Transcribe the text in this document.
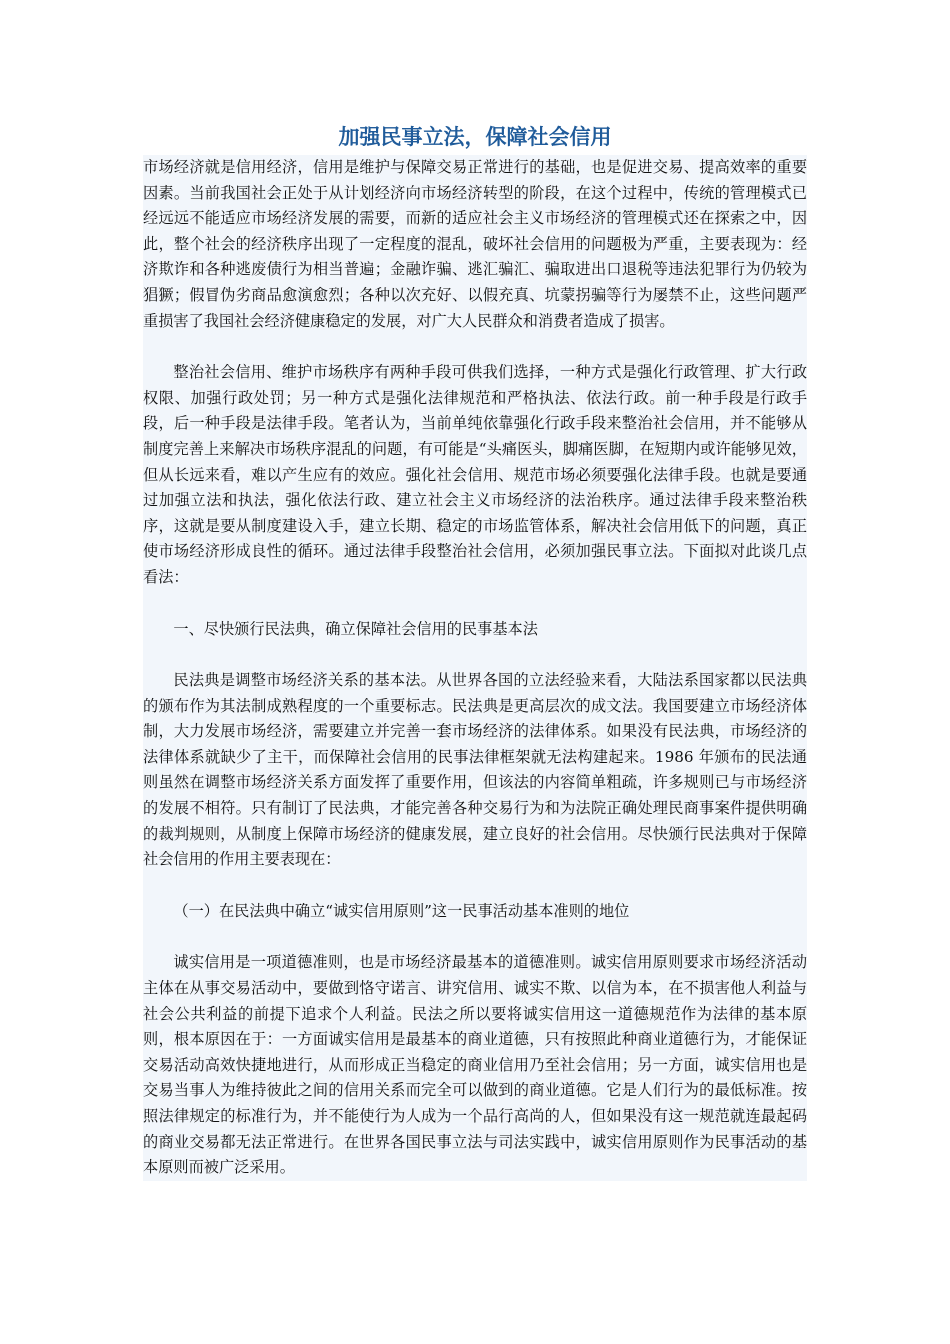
加强民事立法，保障社会信用

市场经济就是信用经济，信用是维护与保障交易正常进行的基础，也是促进交易、提高效率的重要因素。当前我国社会正处于从计划经济向市场经济转型的阶段，在这个过程中，传统的管理模式已经远远不能适应市场经济发展的需要，而新的适应社会主义市场经济的管理模式还在探索之中，因此，整个社会的经济秩序出现了一定程度的混乱，破坏社会信用的问题极为严重，主要表现为：经济欺诈和各种逃废债行为相当普遍；金融诈骗、逃汇骗汇、骗取进出口退税等违法犯罪行为仍较为猖獗；假冒伪劣商品愈演愈烈；各种以次充好、以假充真、坑蒙拐骗等行为屡禁不止，这些问题严重损害了我国社会经济健康稳定的发展，对广大人民群众和消费者造成了损害。

整治社会信用、维护市场秩序有两种手段可供我们选择，一种方式是强化行政管理、扩大行政权限、加强行政处罚；另一种方式是强化法律规范和严格执法、依法行政。前一种手段是行政手段，后一种手段是法律手段。笔者认为，当前单纯依靠强化行政手段来整治社会信用，并不能够从制度完善上来解决市场秩序混乱的问题，有可能是“头痛医头，脚痛医脚，在短期内或许能够见效，但从长远来看，难以产生应有的效应。强化社会信用、规范市场必须要强化法律手段。也就是要通过加强立法和执法，强化依法行政、建立社会主义市场经济的法治秩序。通过法律手段来整治秩序，这就是要从制度建设入手，建立长期、稳定的市场监管体系，解决社会信用低下的问题，真正使市场经济形成良性的循环。通过法律手段整治社会信用，必须加强民事立法。下面拟对此谈几点看法：

一、尽快颁行民法典，确立保障社会信用的民事基本法

民法典是调整市场经济关系的基本法。从世界各国的立法经验来看，大陆法系国家都以民法典的颁布作为其法制成熟程度的一个重要标志。民法典是更高层次的成文法。我国要建立市场经济体制，大力发展市场经济，需要建立并完善一套市场经济的法律体系。如果没有民法典，市场经济的法律体系就缺少了主干，而保障社会信用的民事法律框架就无法构建起来。1986 年颁布的民法通则虽然在调整市场经济关系方面发挥了重要作用，但该法的内容简单粗疏，许多规则已与市场经济的发展不相符。只有制订了民法典，才能完善各种交易行为和为法院正确处理民商事案件提供明确的裁判规则，从制度上保障市场经济的健康发展，建立良好的社会信用。尽快颁行民法典对于保障社会信用的作用主要表现在：

（一）在民法典中确立“诚实信用原则”这一民事活动基本准则的地位

诚实信用是一项道德准则，也是市场经济最基本的道德准则。诚实信用原则要求市场经济活动主体在从事交易活动中，要做到恪守诺言、讲究信用、诚实不欺、以信为本，在不损害他人利益与社会公共利益的前提下追求个人利益。民法之所以要将诚实信用这一道德规范作为法律的基本原则，根本原因在于：一方面诚实信用是最基本的商业道德，只有按照此种商业道德行为，才能保证交易活动高效快捷地进行，从而形成正当稳定的商业信用乃至社会信用；另一方面，诚实信用也是交易当事人为维持彼此之间的信用关系而完全可以做到的商业道德。它是人们行为的最低标准。按照法律规定的标准行为，并不能使行为人成为一个品行高尚的人，但如果没有这一规范就连最起码的商业交易都无法正常进行。在世界各国民事立法与司法实践中，诚实信用原则作为民事活动的基本原则而被广泛采用。
